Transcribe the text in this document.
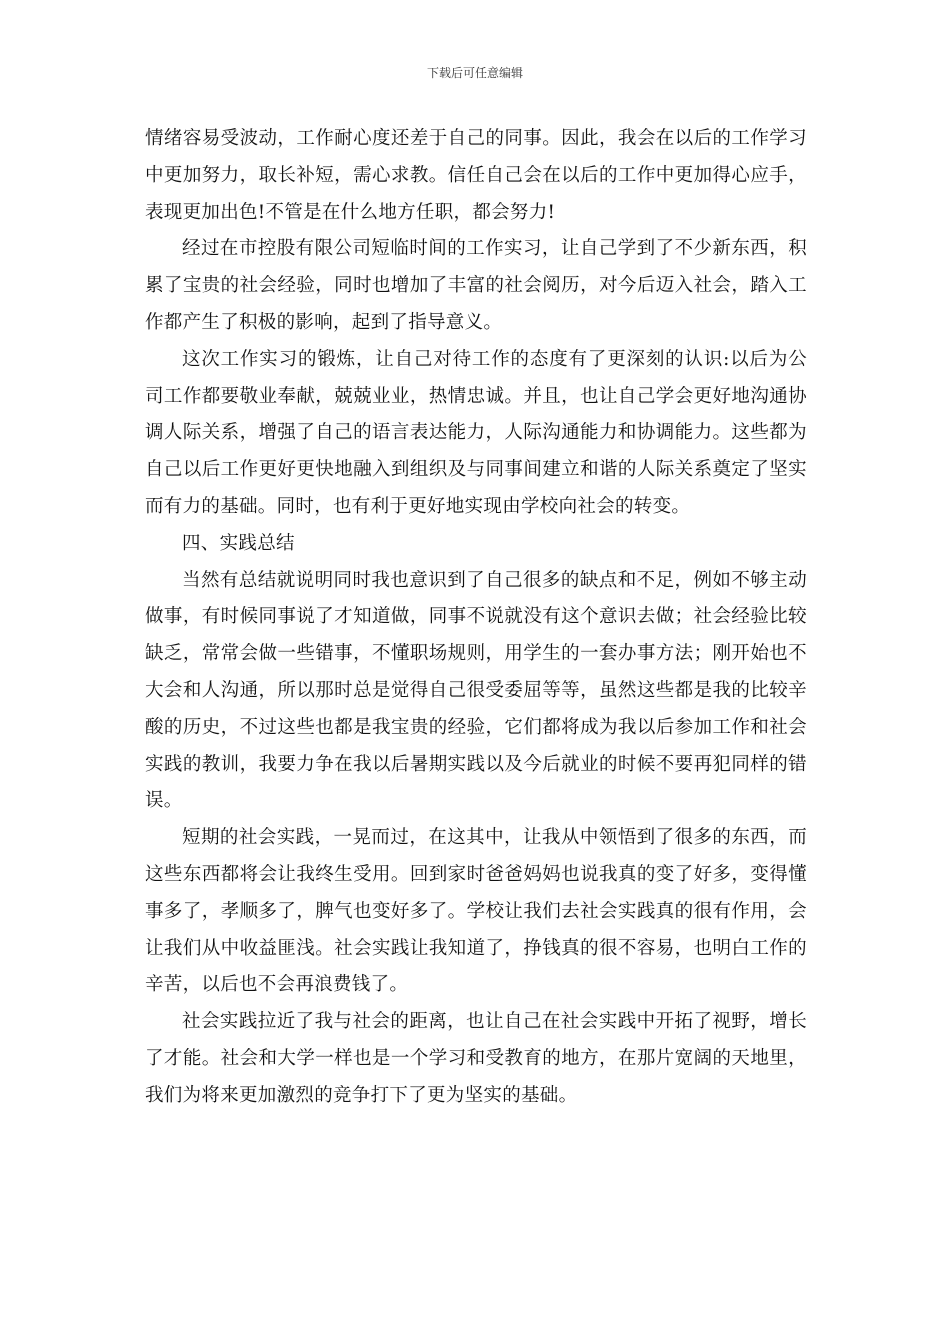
下载后可任意编辑

情绪容易受波动，工作耐心度还差于自己的同事。因此，我会在以后的工作学习中更加努力，取长补短，需心求教。信任自己会在以后的工作中更加得心应手，表现更加出色!不管是在什么地方任职，都会努力!

经过在市控股有限公司短临时间的工作实习，让自己学到了不少新东西，积累了宝贵的社会经验，同时也增加了丰富的社会阅历，对今后迈入社会，踏入工作都产生了积极的影响，起到了指导意义。

这次工作实习的锻炼，让自己对待工作的态度有了更深刻的认识:以后为公司工作都要敬业奉献，兢兢业业，热情忠诚。并且，也让自己学会更好地沟通协调人际关系，增强了自己的语言表达能力，人际沟通能力和协调能力。这些都为自己以后工作更好更快地融入到组织及与同事间建立和谐的人际关系奠定了坚实而有力的基础。同时，也有利于更好地实现由学校向社会的转变。

四、实践总结

当然有总结就说明同时我也意识到了自己很多的缺点和不足，例如不够主动做事，有时候同事说了才知道做，同事不说就没有这个意识去做；社会经验比较缺乏，常常会做一些错事，不懂职场规则，用学生的一套办事方法；刚开始也不大会和人沟通，所以那时总是觉得自己很受委屈等等，虽然这些都是我的比较辛酸的历史，不过这些也都是我宝贵的经验，它们都将成为我以后参加工作和社会实践的教训，我要力争在我以后暑期实践以及今后就业的时候不要再犯同样的错误。

短期的社会实践，一晃而过，在这其中，让我从中领悟到了很多的东西，而这些东西都将会让我终生受用。回到家时爸爸妈妈也说我真的变了好多，变得懂事多了，孝顺多了，脾气也变好多了。学校让我们去社会实践真的很有作用，会让我们从中收益匪浅。社会实践让我知道了，挣钱真的很不容易，也明白工作的辛苦，以后也不会再浪费钱了。

社会实践拉近了我与社会的距离，也让自己在社会实践中开拓了视野，增长了才能。社会和大学一样也是一个学习和受教育的地方，在那片宽阔的天地里，我们为将来更加激烈的竞争打下了更为坚实的基础。
